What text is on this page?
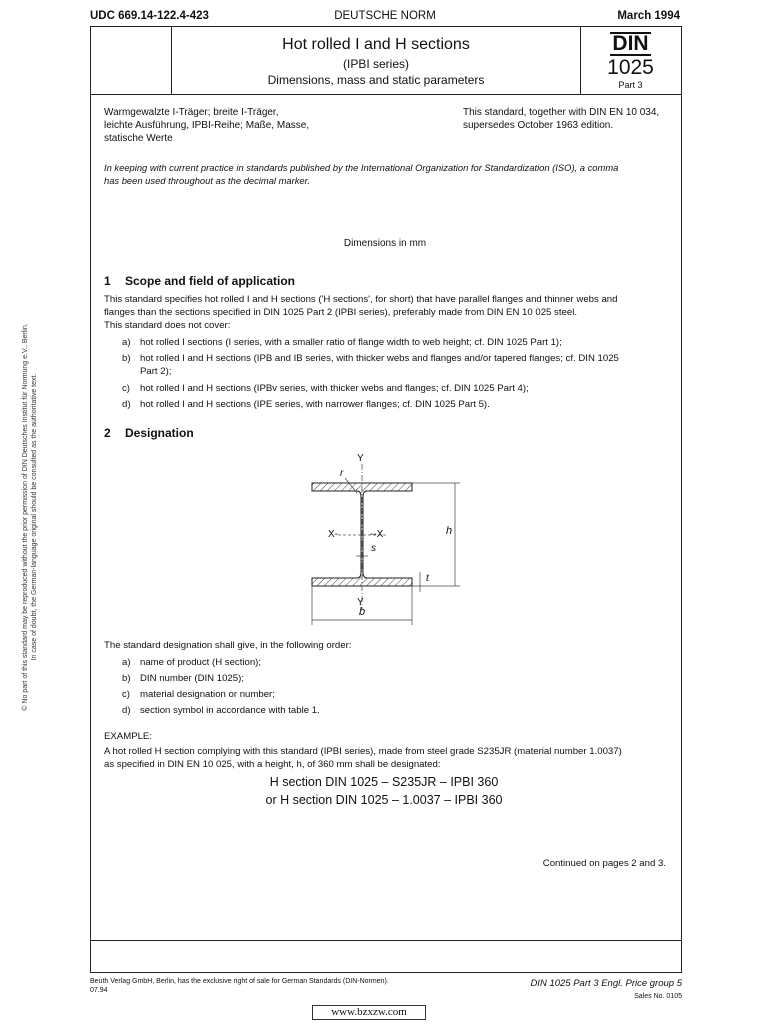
UDC 669.14-122.4-423	DEUTSCHE NORM	March 1994
Hot rolled I and H sections
(IPBI series)
Dimensions, mass and static parameters
DIN
1025
Part 3
Warmgewalzte I-Träger; breite I-Träger,
leichte Ausführung, IPBI-Reihe; Maße, Masse,
statische Werte
This standard, together with DIN EN 10 034,
supersedes October 1963 edition.
In keeping with current practice in standards published by the International Organization for Standardization (ISO), a comma
has been used throughout as the decimal marker.
Dimensions in mm
1 Scope and field of application
This standard specifies hot rolled I and H sections ('H sections', for short) that have parallel flanges and thinner webs and
flanges than the sections specified in DIN 1025 Part 2 (IPBI series), preferably made from DIN EN 10 025 steel.
This standard does not cover:
a) hot rolled I sections (I series, with a smaller ratio of flange width to web height; cf. DIN 1025 Part 1);
b) hot rolled I and H sections (IPB and IB series, with thicker webs and flanges and/or tapered flanges; cf. DIN 1025
Part 2);
c) hot rolled I and H sections (IPBv series, with thicker webs and flanges; cf. DIN 1025 Part 4);
d) hot rolled I and H sections (IPE series, with narrower flanges; cf. DIN 1025 Part 5).
2 Designation
Y
Y
X-	--X
r
s
t
h
b
The standard designation shall give, in the following order:
a) name of product (H section);
b) DIN number (DIN 1025);
c) material designation or number;
d) section symbol in accordance with table 1.
EXAMPLE:
A hot rolled H section complying with this standard (IPBI series), made from steel grade S235JR (material number 1.0037)
as specified in DIN EN 10 025, with a height, h, of 360 mm shall be designated:
H section DIN 1025 – S235JR – IPBI 360
or H section DIN 1025 – 1.0037 – IPBI 360
Continued on pages 2 and 3.
Beuth Verlag GmbH, Berlin, has the exclusive right of sale for German Standards (DIN-Normen).
07.94
DIN 1025 Part 3 Engl. Price group 5
Sales No. 0105
www.bzxzw.com
© No part of this standard may be reproduced without the prior permission of DIN Deutsches Institut für Normung e.V., Berlin. In case of doubt, the German-language original should be consulted as the authoritative text.
